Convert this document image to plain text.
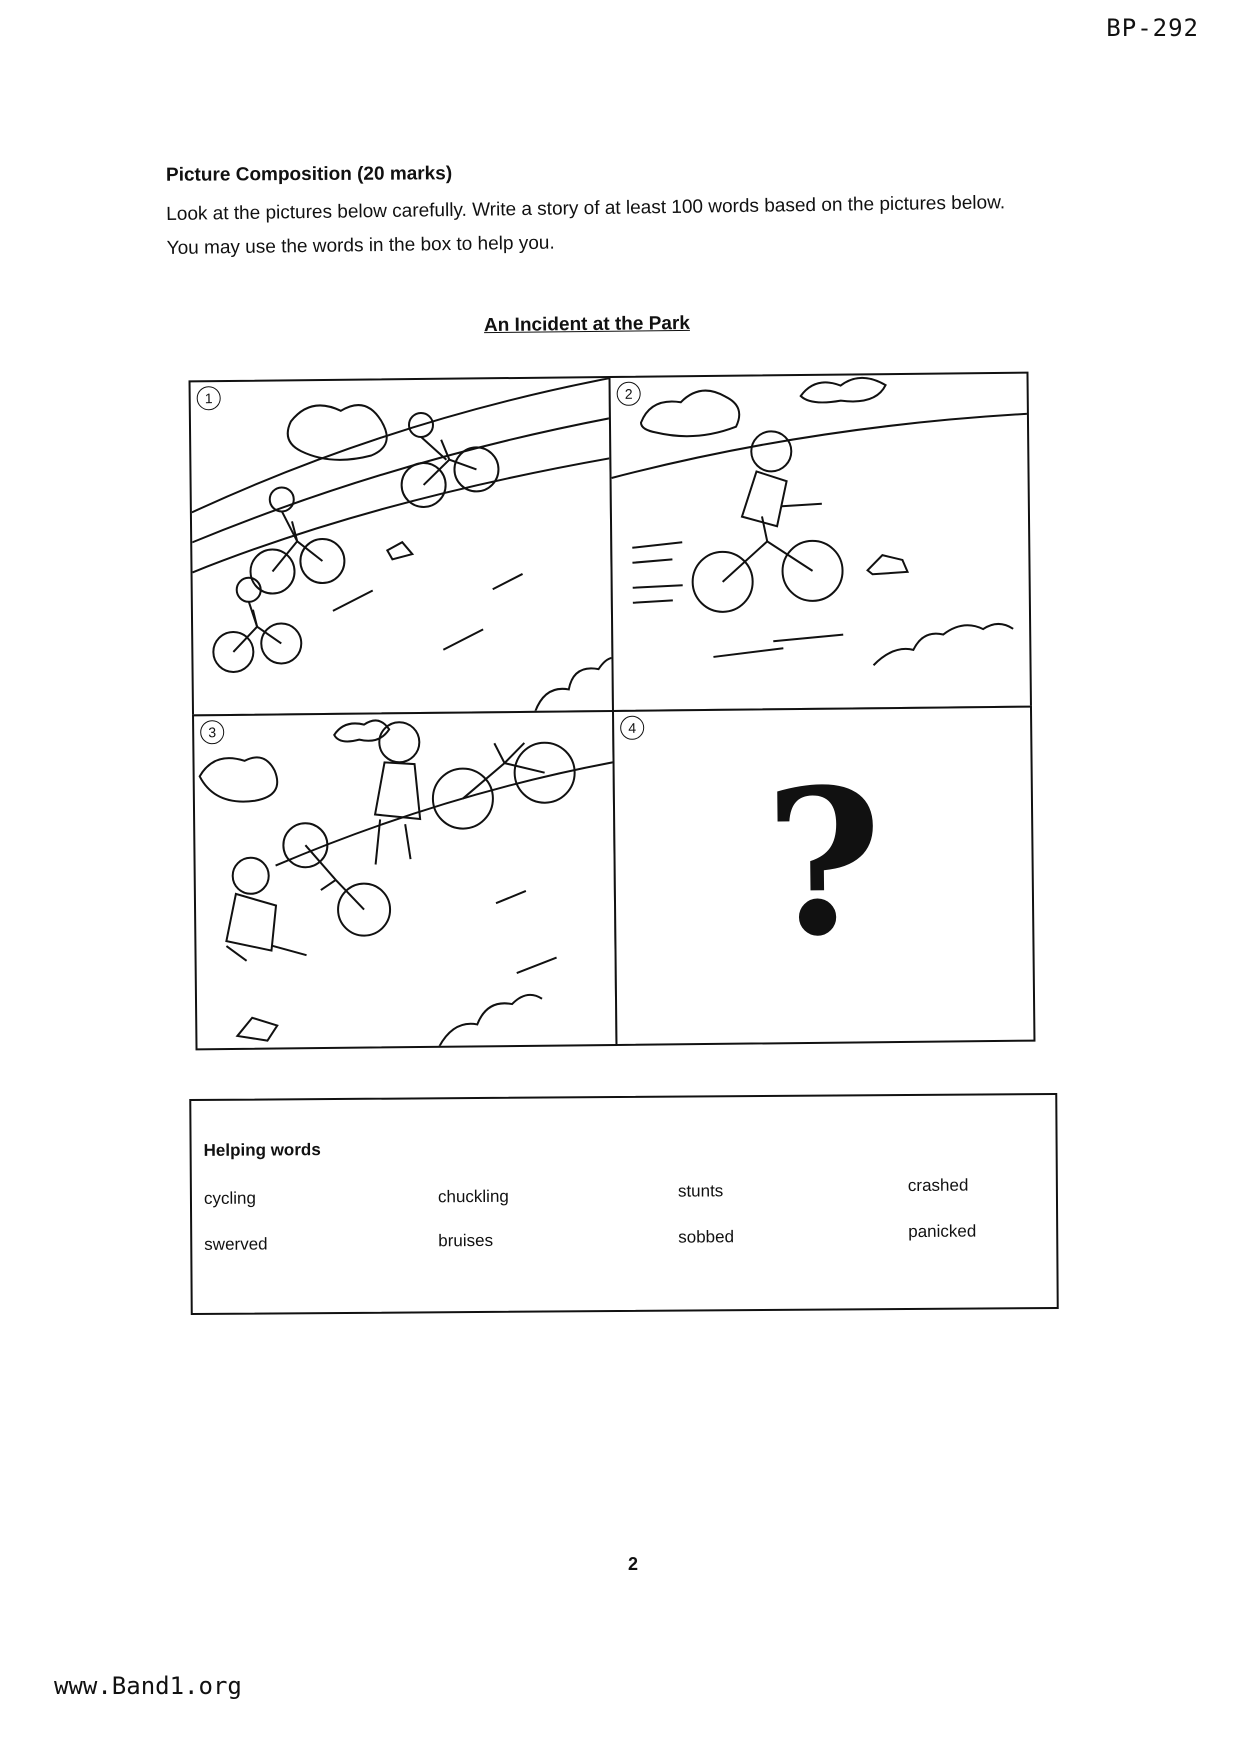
BP-292
Picture Composition (20 marks)
Look at the pictures below carefully. Write a story of at least 100 words based on the pictures below. You may use the words in the box to help you.
An Incident at the Park
1	2
3	4
?
Helping words
cycling	chuckling	stunts	crashed
swerved	bruises	sobbed	panicked
2
www.Band1.org
